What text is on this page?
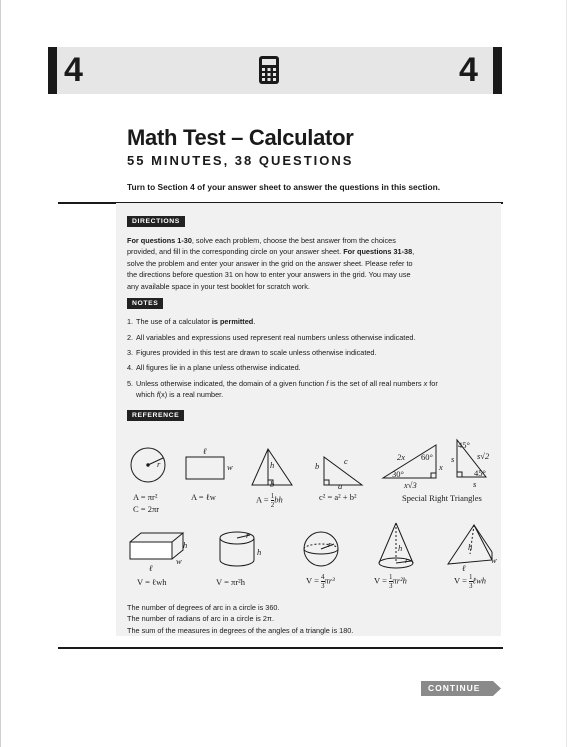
4	4
Math Test – Calculator
55 MINUTES, 38 QUESTIONS
Turn to Section 4 of your answer sheet to answer the questions in this section.
DIRECTIONS
For questions 1-30, solve each problem, choose the best answer from the choices
provided, and fill in the corresponding circle on your answer sheet. For questions 31-38,
solve the problem and enter your answer in the grid on the answer sheet. Please refer to
the directions before question 31 on how to enter your answers in the grid. You may use
any available space in your test booklet for scratch work.
NOTES
1. The use of a calculator is permitted.
2. All variables and expressions used represent real numbers unless otherwise indicated.
3. Figures provided in this test are drawn to scale unless otherwise indicated.
4. All figures lie in a plane unless otherwise indicated.
5. Unless otherwise indicated, the domain of a given function f is the set of all real numbers x for
which f(x) is a real number.
REFERENCE
r
A = πr²
C = 2πr
ℓ
w
A = ℓw
h
b
$A = \frac{1}{2}$ bh
b	c
a
c² = a² + b²
2x 60°
x
30°
x√3
45°
s	s√2
45°
s
Special Right Triangles
h
w
ℓ
V = ℓwh
r
h
V = πr²h
r
$V = \frac{4}{3} \pi r^3$
h
r
$V = \frac{1}{3} \pi r^2h$
h
w
ℓ
$V = \frac{1}{3}$ ℓwh
The number of degrees of arc in a circle is 360.
The number of radians of arc in a circle is 2π.
The sum of the measures in degrees of the angles of a triangle is 180.
CONTINUE
